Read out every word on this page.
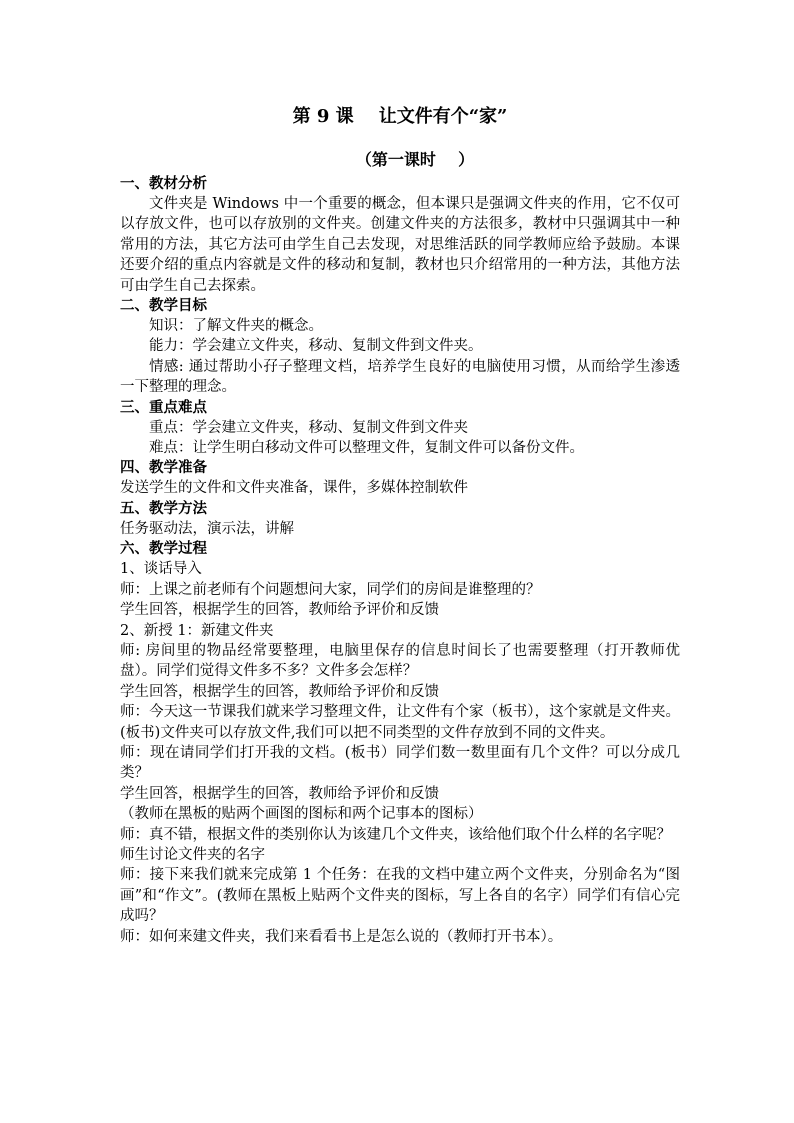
第 9 课    让文件有个“家”
（第一课时    ）
一、教材分析

文件夹是 Windows 中一个重要的概念，但本课只是强调文件夹的作用，它不仅可以存放文件，也可以存放别的文件夹。创建文件夹的方法很多，教材中只强调其中一种常用的方法，其它方法可由学生自己去发现，对思维活跃的同学教师应给予鼓励。本课还要介绍的重点内容就是文件的移动和复制，教材也只介绍常用的一种方法，其他方法可由学生自己去探索。

二、教学目标

知识：了解文件夹的概念。

能力：学会建立文件夹，移动、复制文件到文件夹。

情感: 通过帮助小孖子整理文档，培养学生良好的电脑使用习惯，从而给学生渗透一下整理的理念。

三、重点难点

重点：学会建立文件夹，移动、复制文件到文件夹

难点：让学生明白移动文件可以整理文件，复制文件可以备份文件。

四、教学准备

发送学生的文件和文件夹准备，课件，多媒体控制软件

五、教学方法

任务驱动法，演示法，讲解

六、教学过程

1、谈话导入

师：上课之前老师有个问题想问大家，同学们的房间是谁整理的？

学生回答，根据学生的回答，教师给予评价和反馈

2、新授 1：新建文件夹

师: 房间里的物品经常要整理，电脑里保存的信息时间长了也需要整理（打开教师优盘）。同学们觉得文件多不多？文件多会怎样？

学生回答，根据学生的回答，教师给予评价和反馈

师：今天这一节课我们就来学习整理文件，让文件有个家（板书），这个家就是文件夹。(板书)文件夹可以存放文件,我们可以把不同类型的文件存放到不同的文件夹。

师：现在请同学们打开我的文档。(板书）同学们数一数里面有几个文件？可以分成几类？

学生回答，根据学生的回答，教师给予评价和反馈

（教师在黑板的贴两个画图的图标和两个记事本的图标）

师：真不错，根据文件的类别你认为该建几个文件夹，该给他们取个什么样的名字呢？

师生讨论文件夹的名字

师：接下来我们就来完成第 1 个任务：在我的文档中建立两个文件夹，分别命名为“图画”和“作文”。(教师在黑板上贴两个文件夹的图标，写上各自的名字）同学们有信心完成吗？

师：如何来建文件夹，我们来看看书上是怎么说的（教师打开书本）。
